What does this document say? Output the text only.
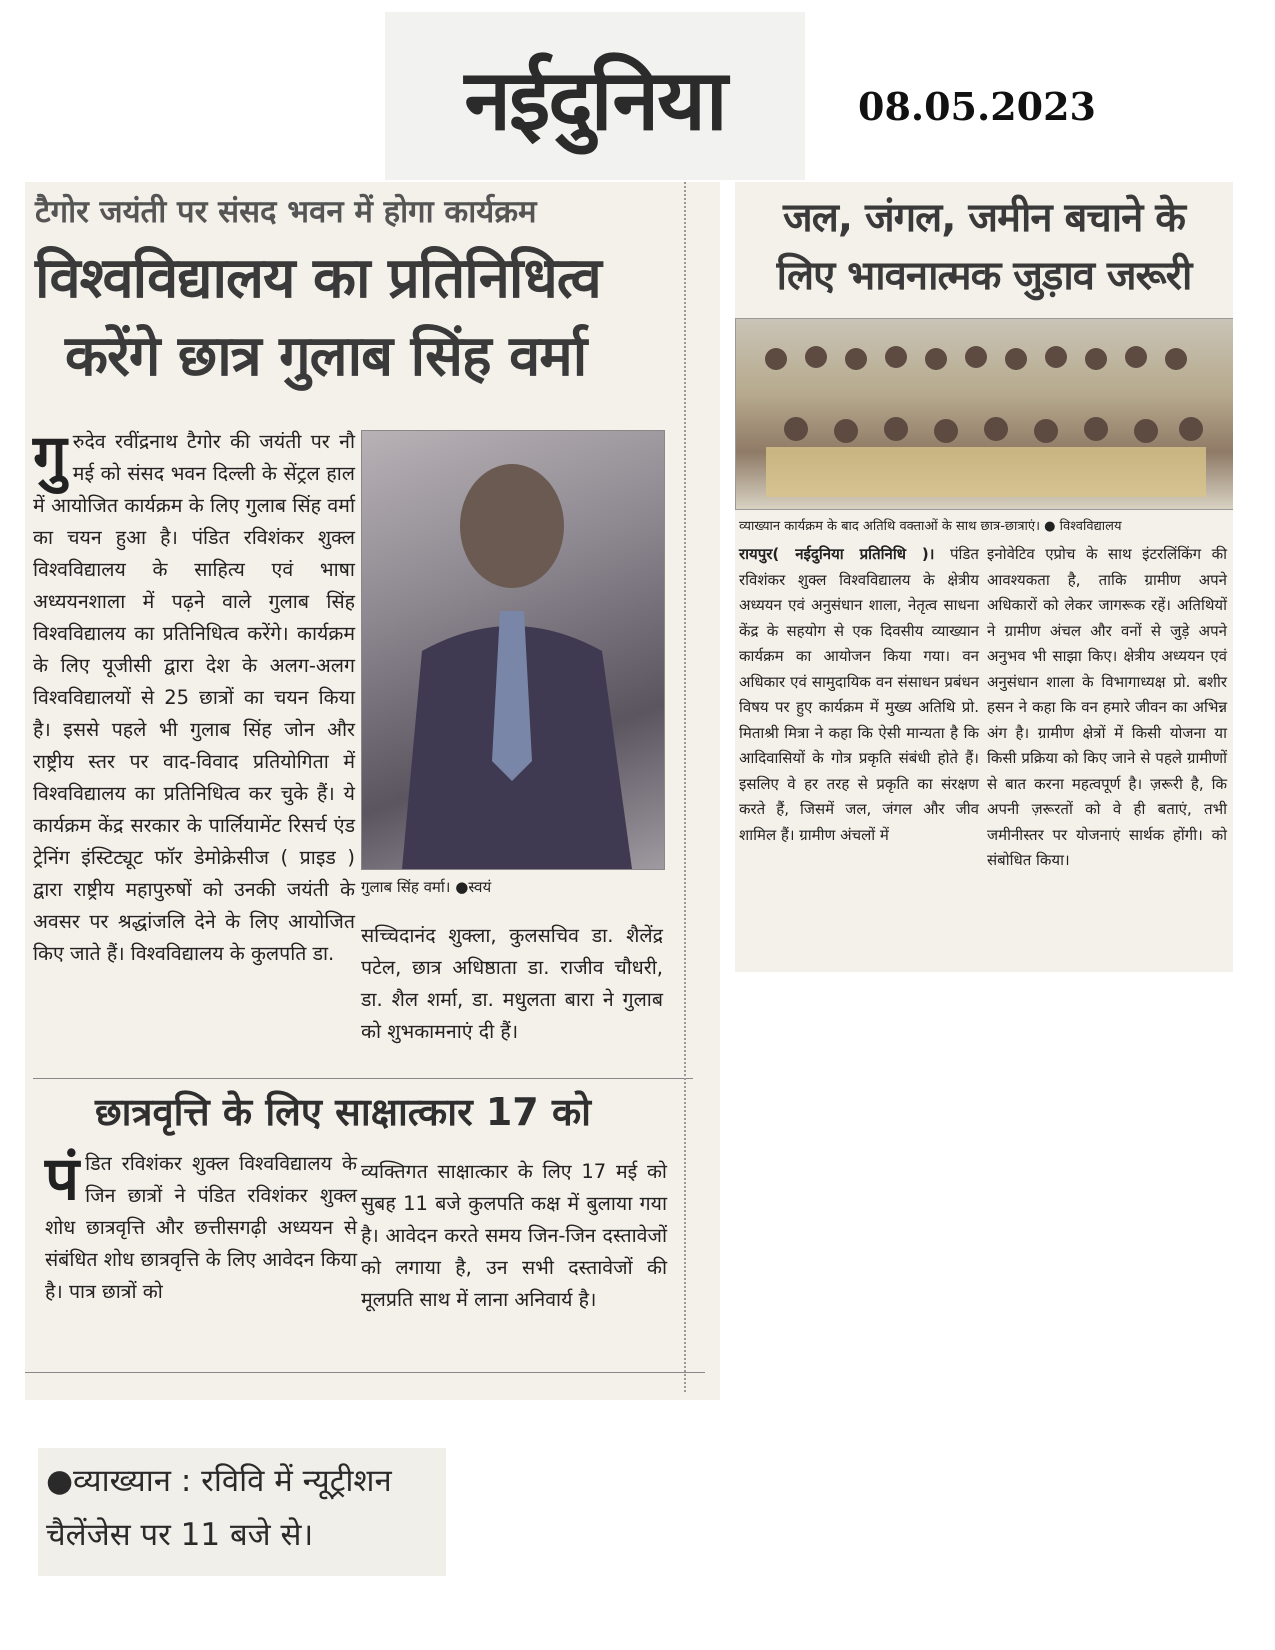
नईदुनिया	08.05.2023
टैगोर जयंती पर संसद भवन में होगा कार्यक्रम
विश्वविद्यालय का प्रतिनिधित्व
करेंगे छात्र गुलाब सिंह वर्मा
गुरुदेव रवींद्रनाथ टैगोर की जयंती पर नौ मई को संसद भवन दिल्ली के सेंट्रल हाल में आयोजित कार्यक्रम के लिए गुलाब सिंह वर्मा का चयन हुआ है। पंडित रविशंकर शुक्ल विश्वविद्यालय के साहित्य एवं भाषा अध्ययनशाला में पढ़ने वाले गुलाब सिंह विश्वविद्यालय का प्रतिनिधित्व करेंगे। कार्यक्रम के लिए यूजीसी द्वारा देश के अलग-अलग विश्वविद्यालयों से 25 छात्रों का चयन किया है। इससे पहले भी गुलाब सिंह जोन और राष्ट्रीय स्तर पर वाद-विवाद प्रतियोगिता में विश्वविद्यालय का प्रतिनिधित्व कर चुके हैं। ये कार्यक्रम केंद्र सरकार के पार्लियामेंट रिसर्च एंड ट्रेनिंग इंस्टिट्यूट फॉर डेमोक्रेसीज ( प्राइड ) द्वारा राष्ट्रीय महापुरुषों को उनकी जयंती के अवसर पर श्रद्धांजलि देने के लिए आयोजित किए जाते हैं। विश्वविद्यालय के कुलपति डा.
गुलाब सिंह वर्मा। ●स्वयं
सच्चिदानंद शुक्ला, कुलसचिव डा. शैलेंद्र पटेल, छात्र अधिष्ठाता डा. राजीव चौधरी, डा. शैल शर्मा, डा. मधुलता बारा ने गुलाब को शुभकामनाएं दी हैं।
छात्रवृत्ति के लिए साक्षात्कार 17 को
पंडित रविशंकर शुक्ल विश्वविद्यालय के जिन छात्रों ने पंडित रविशंकर शुक्ल शोध छात्रवृत्ति और छत्तीसगढ़ी अध्ययन से संबंधित शोध छात्रवृत्ति के लिए आवेदन किया है। पात्र छात्रों को
व्यक्तिगत साक्षात्कार के लिए 17 मई को सुबह 11 बजे कुलपति कक्ष में बुलाया गया है। आवेदन करते समय जिन-जिन दस्तावेजों को लगाया है, उन सभी दस्तावेजों की मूलप्रति साथ में लाना अनिवार्य है।
जल, जंगल, जमीन बचाने के
लिए भावनात्मक जुड़ाव जरूरी
व्याख्यान कार्यक्रम के बाद अतिथि वक्ताओं के साथ छात्र-छात्राएं। ● विश्वविद्यालय
रायपुर( नईदुनिया प्रतिनिधि )। पंडित रविशंकर शुक्ल विश्वविद्यालय के क्षेत्रीय अध्ययन एवं अनुसंधान शाला, नेतृत्व साधना केंद्र के सहयोग से एक दिवसीय व्याख्यान कार्यक्रम का आयोजन किया गया। वन अधिकार एवं सामुदायिक वन संसाधन प्रबंधन विषय पर हुए कार्यक्रम में मुख्य अतिथि प्रो. मिताश्री मित्रा ने कहा कि ऐसी मान्यता है कि आदिवासियों के गोत्र प्रकृति संबंधी होते हैं। इसलिए वे हर तरह से प्रकृति का संरक्षण करते हैं, जिसमें जल, जंगल और जीव शामिल हैं। ग्रामीण अंचलों में
इनोवेटिव एप्रोच के साथ इंटरलिंकिंग की आवश्यकता है, ताकि ग्रामीण अपने अधिकारों को लेकर जागरूक रहें। अतिथियों ने ग्रामीण अंचल और वनों से जुड़े अपने अनुभव भी साझा किए। क्षेत्रीय अध्ययन एवं अनुसंधान शाला के विभागाध्यक्ष प्रो. बशीर हसन ने कहा कि वन हमारे जीवन का अभिन्न अंग है। ग्रामीण क्षेत्रों में किसी योजना या किसी प्रक्रिया को किए जाने से पहले ग्रामीणों से बात करना महत्वपूर्ण है। ज़रूरी है, कि अपनी ज़रूरतों को वे ही बताएं, तभी जमीनीस्तर पर योजनाएं सार्थक होंगी। को संबोधित किया।
●व्याख्यान : रविवि में न्यूट्रीशन
चैलेंजेस पर 11 बजे से।
